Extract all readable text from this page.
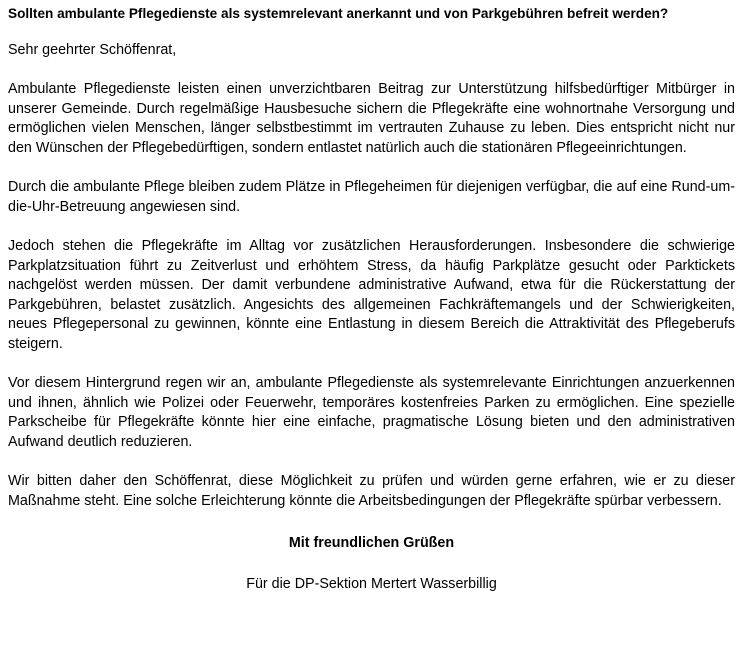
Sollten ambulante Pflegedienste als systemrelevant anerkannt und von Parkgebühren befreit werden?

Sehr geehrter Schöffenrat,

Ambulante Pflegedienste leisten einen unverzichtbaren Beitrag zur Unterstützung hilfsbedürftiger Mitbürger in unserer Gemeinde. Durch regelmäßige Hausbesuche sichern die Pflegekräfte eine wohnortnahe Versorgung und ermöglichen vielen Menschen, länger selbstbestimmt im vertrauten Zuhause zu leben. Dies entspricht nicht nur den Wünschen der Pflegebedürftigen, sondern entlastet natürlich auch die stationären Pflegeeinrichtungen.

Durch die ambulante Pflege bleiben zudem Plätze in Pflegeheimen für diejenigen verfügbar, die auf eine Rund-um-die-Uhr-Betreuung angewiesen sind.

Jedoch stehen die Pflegekräfte im Alltag vor zusätzlichen Herausforderungen. Insbesondere die schwierige Parkplatzsituation führt zu Zeitverlust und erhöhtem Stress, da häufig Parkplätze gesucht oder Parktickets nachgelöst werden müssen. Der damit verbundene administrative Aufwand, etwa für die Rückerstattung der Parkgebühren, belastet zusätzlich. Angesichts des allgemeinen Fachkräftemangels und der Schwierigkeiten, neues Pflegepersonal zu gewinnen, könnte eine Entlastung in diesem Bereich die Attraktivität des Pflegeberufs steigern.

Vor diesem Hintergrund regen wir an, ambulante Pflegedienste als systemrelevante Einrichtungen anzuerkennen und ihnen, ähnlich wie Polizei oder Feuerwehr, temporäres kostenfreies Parken zu ermöglichen. Eine spezielle Parkscheibe für Pflegekräfte könnte hier eine einfache, pragmatische Lösung bieten und den administrativen Aufwand deutlich reduzieren.

Wir bitten daher den Schöffenrat, diese Möglichkeit zu prüfen und würden gerne erfahren, wie er zu dieser Maßnahme steht. Eine solche Erleichterung könnte die Arbeitsbedingungen der Pflegekräfte spürbar verbessern.

Mit freundlichen Grüßen

Für die DP-Sektion Mertert Wasserbillig
